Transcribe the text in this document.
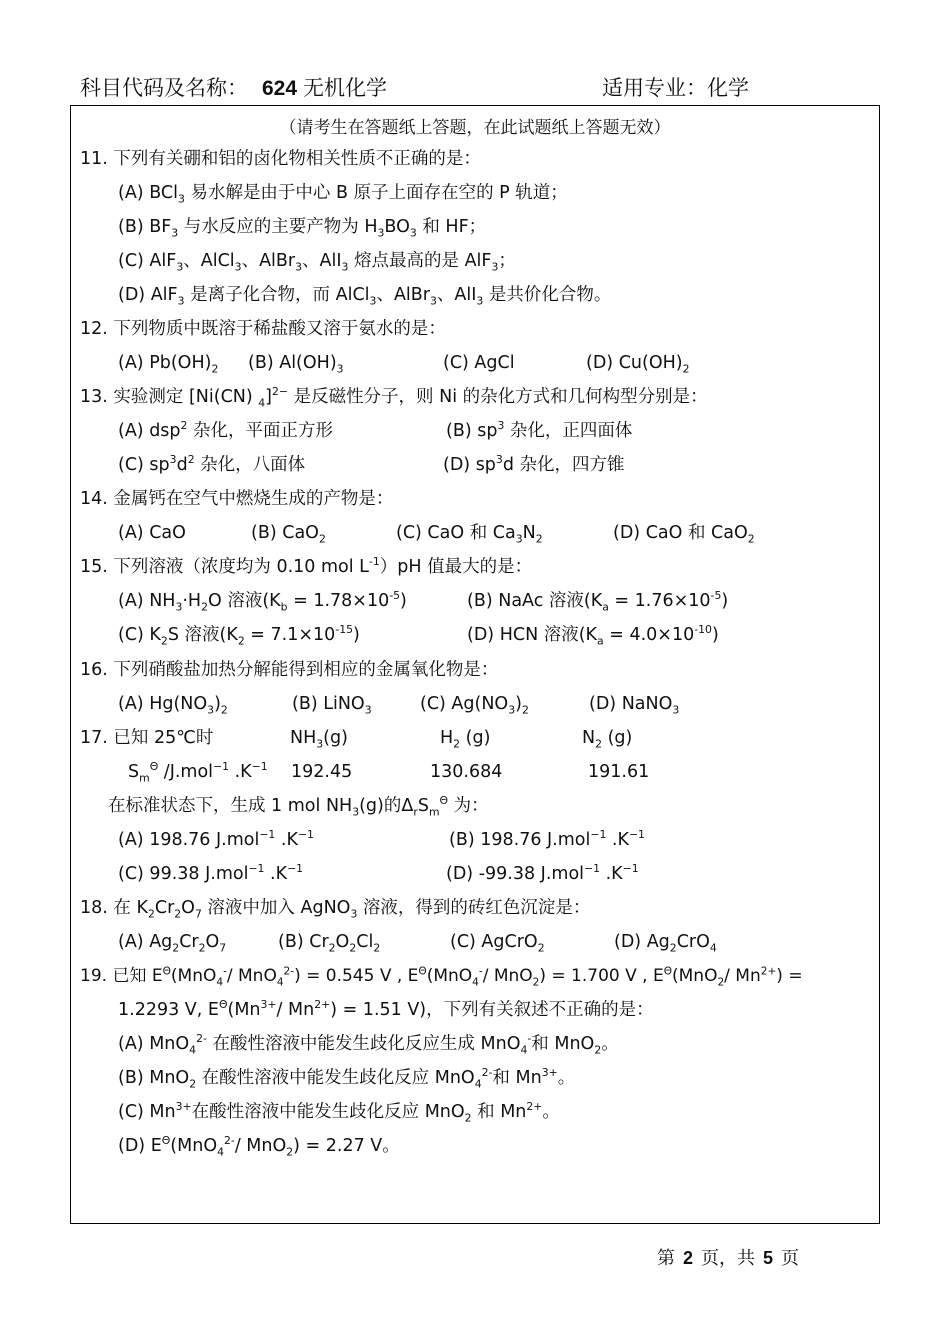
科目代码及名称： 624 无机化学	适用专业：化学
（请考生在答题纸上答题，在此试题纸上答题无效）
11. 下列有关硼和铝的卤化物相关性质不正确的是：
(A) BCl$_3$ 易水解是由于中心 B 原子上面存在空的 P 轨道；
(B) $BF_3$ 与水反应的主要产物为 $H_3BO_3$ 和 HF；
(C) AlF$_3$、AlCl$_3$、AlBr$_3$、AlI$_3$ 熔点最高的是 AlF$_3$；
(D) AlF$_3$ 是离子化合物，而 AlCl$_3$、AlBr$_3$、AlI$_3$ 是共价化合物。
12. 下列物质中既溶于稀盐酸又溶于氨水的是：
(A) $Pb(OH)_2$ (B) $Al(OH)_3$	(C) AgCl	(D) $Cu(OH)_2$
13. 实验测定 [Ni(CN) $_4$]$^{2-}$ 是反磁性分子，则 Ni 的杂化方式和几何构型分别是：
(A) dsp$^2$ 杂化，平面正方形	(B) $sp^3$ 杂化，正四面体
(C) $sp^3d^2$ 杂化，八面体	(D) $sp^3d$ 杂化，四方锥
14. 金属钙在空气中燃烧生成的产物是：
(A) CaO	(B) CaO$_2$	(C) CaO 和 $Ca_3N_2$	(D) CaO 和 CaO$_2$
15. 下列溶液（浓度均为 0.10 mol $L^{-1})pH$ 值最大的是：
(A) $NH_3\cdot H_2O$ 溶液$(K_b = 1.78\times 10^{-5})$	(B) NaAc 溶液$(K_a = 1.76\times 10^{-5})$
(C) $K_2S$ 溶液$(K_2 = 7.1\times 10^{-15})$	(D) HCN 溶液$(K_a = 4.0\times 10^{-10})$
16. 下列硝酸盐加热分解能得到相应的金属氧化物是：
(A) $Hg(NO_3)_2$	(B) LiNO$_3$	(C) $Ag(NO_3)_2$	(D) NaNO$_3$
17. 已知 25℃时	$NH_3(g)$	$H_2$ (g)	$N_2$ (g)
$S_m^\Theta$ /J.mol$^{-1}$ $.K^{-1}$ 192.45	130.684	191.61
在标准状态下，生成 1 mol $NH_3(g)$的$\Delta_rS_m^\Theta$ 为：
(A) 198.76 J.mol$^{-1}$ $.K^{-1}$	(B) 198.76 J.mol$^{-1}$ $.K^{-1}$
(C) 99.38 J.mol$^{-1}$ $.K^{-1}$	(D) -99.38 J.mol$^{-1}$ $.K^{-1}$
18. 在 $K_2Cr_2O_7$ 溶液中加入 AgNO$_3$ 溶液，得到的砖红色沉淀是：
(A) $Ag_2Cr_2O_7$	(B) $Cr_2O_2Cl_2$	(C) AgCrO$_2$	(D) $Ag_2CrO_4$
19. 已知 $E^\Theta(MnO_4^-/$ MnO$_4^{2-}$) = 0.545 V , $E^\Theta(MnO_4^-/$ MnO$_2$) = 1.700 V , $E^\Theta(MnO_2/$ $Mn^{2+}$) =
1.2293 V, $E^\Theta(Mn^{3+}/$ $Mn^{2+}) = 1.51$ V)，下列有关叙述不正确的是：
(A) MnO$_4^{2-}$ 在酸性溶液中能发生歧化反应生成 MnO$_4$-和 MnO$_2$。
(B) MnO$_2$ 在酸性溶液中能发生歧化反应 MnO$_4^{2-}$和 $Mn^{3+}$。
(C) $Mn^{3+}$在酸性溶液中能发生歧化反应 MnO$_2$ 和 $Mn^{2+}$。
(D) $E^\Theta(MnO_4^{2-}/$ MnO$_2$) = 2.27 V。
第 2 页，共 5 页
